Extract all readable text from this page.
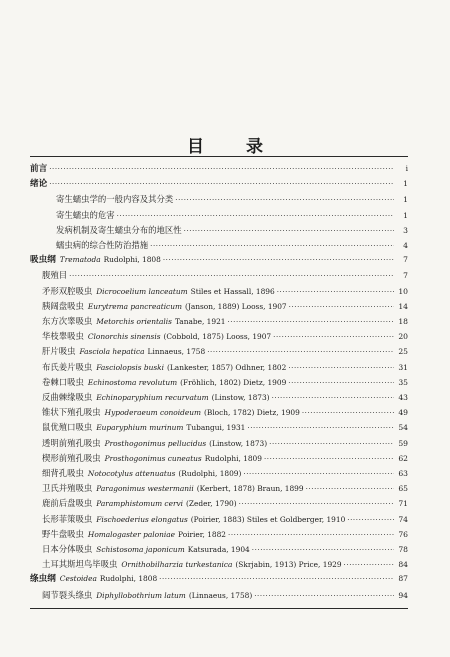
目 录
前言 ·····	i
绪论 ·····	1
寄生蠕虫学的一般内容及其分类 ·····	1
寄生蠕虫的危害 ·····	1
发病机制及寄生蠕虫分布的地区性 ·····	3
蠕虫病的综合性防治措施 ·····	4
吸虫纲 Trematoda Rudolphi, 1808 ·····	7
腹殖目 ·····	7
矛形双腔吸虫 Dicrocoelium lanceatum Stiles et Hassall, 1896 ·····	10
胰阔盘吸虫 Eurytrema pancreaticum (Janson, 1889) Looss, 1907 ·····	14
东方次睾吸虫 Metorchis orientalis Tanabe, 1921 ·····	18
华枝睾吸虫 Clonorchis sinensis (Cobbold, 1875) Looss, 1907 ·····	20
肝片吸虫 Fasciola hepatica Linnaeus, 1758 ·····	25
布氏姜片吸虫 Fasciolopsis buski (Lankester, 1857) Odhner, 1802 ·····	31
卷棘口吸虫 Echinostoma revolutum (Fröhlich, 1802) Dietz, 1909 ·····	35
反曲棘缘吸虫 Echinoparyphium recurvatum (Linstow, 1873) ·····	43
锥状下殖孔吸虫 Hypoderaeum conoideum (Bloch, 1782) Dietz, 1909 ·····	49
鼠优殖口吸虫 Euparyphium murinum Tubangui, 1931 ·····	54
透明前殖孔吸虫 Prosthogonimus pellucidus (Linstow, 1873) ·····	59
楔形前殖孔吸虫 Prosthogonimus cuneatus Rudolphi, 1809 ·····	62
细背孔吸虫 Notocotylus attenuatus (Rudolphi, 1809) ·····	63
卫氏并殖吸虫 Paragonimus westermanii (Kerbert, 1878) Braun, 1899 ·····	65
鹿前后盘吸虫 Paramphistomum cervi (Zeder, 1790) ·····	71
长形菲策吸虫 Fischoederius elongatus (Poirier, 1883) Stiles et Goldberger, 1910 ·····	74
野牛盘吸虫 Homalogaster paloniae Poirier, 1882 ·····	76
日本分体吸虫 Schistosoma japonicum Katsurada, 1904 ·····	78
土耳其斯坦鸟毕吸虫 Ornithobilharzia turkestanica (Skrjabin, 1913) Price, 1929 ·····	84
绦虫纲 Cestoidea Rudolphi, 1808 ·····	87
阔节裂头绦虫 Diphyllobothrium latum (Linnaeus, 1758) ·····	94
